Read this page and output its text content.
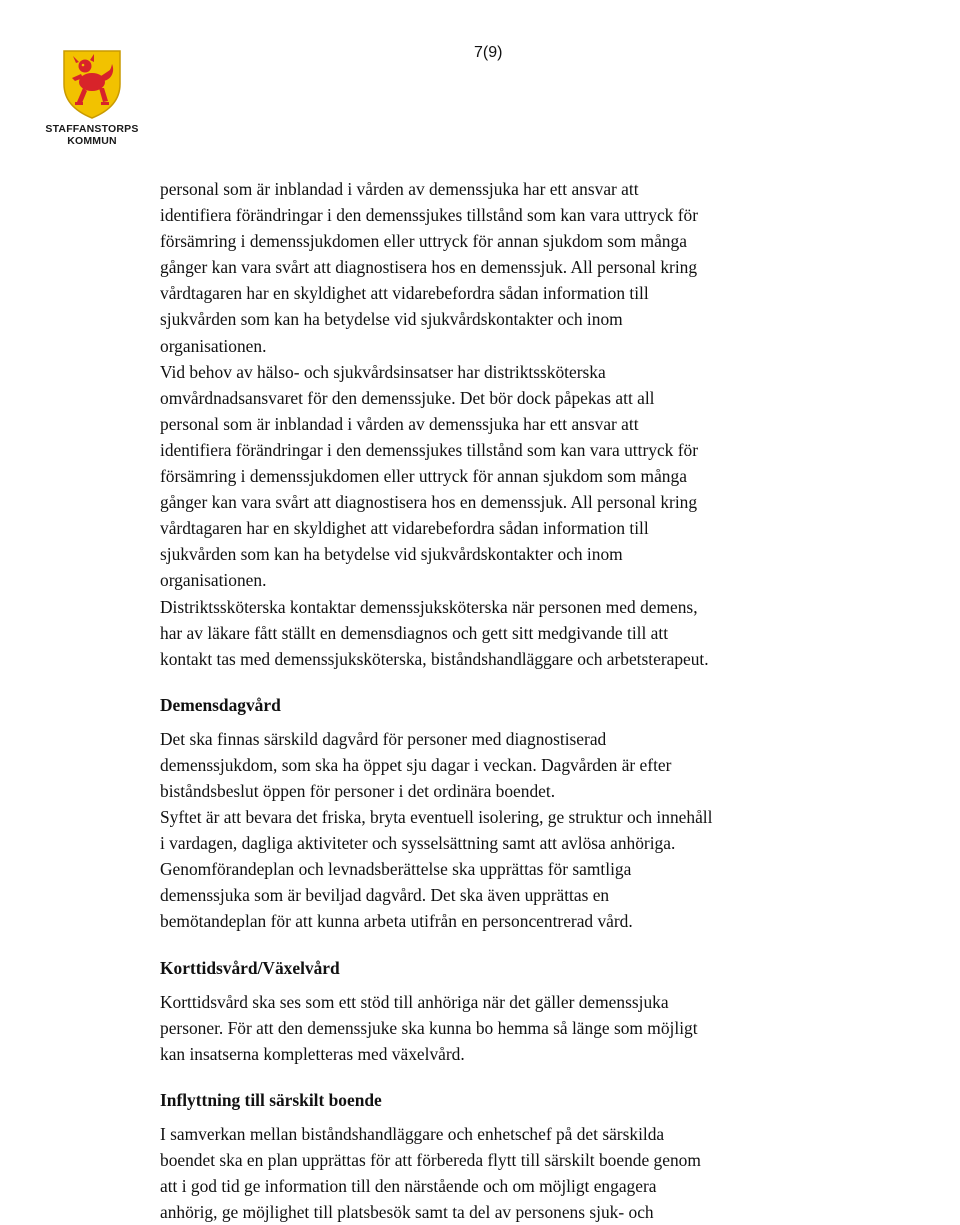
7(9)
STAFFANSTORPS
KOMMUN
personal som är inblandad i vården av demenssjuka har ett ansvar att
identifiera förändringar i den demenssjukes tillstånd som kan vara uttryck för
försämring i demenssjukdomen eller uttryck för annan sjukdom som många
gånger kan vara svårt att diagnostisera hos en demenssjuk. All personal kring
vårdtagaren har en skyldighet att vidarebefordra sådan information till
sjukvården som kan ha betydelse vid sjukvårdskontakter och inom
organisationen.
Vid behov av hälso- och sjukvårdsinsatser har distriktssköterska
omvårdnadsansvaret för den demenssjuke. Det bör dock påpekas att all
personal som är inblandad i vården av demenssjuka har ett ansvar att
identifiera förändringar i den demenssjukes tillstånd som kan vara uttryck för
försämring i demenssjukdomen eller uttryck för annan sjukdom som många
gånger kan vara svårt att diagnostisera hos en demenssjuk. All personal kring
vårdtagaren har en skyldighet att vidarebefordra sådan information till
sjukvården som kan ha betydelse vid sjukvårdskontakter och inom
organisationen.
Distriktssköterska kontaktar demenssjuksköterska när personen med demens,
har av läkare fått ställt en demensdiagnos och gett sitt medgivande till att
kontakt tas med demenssjuksköterska, biståndshandläggare och arbetsterapeut.
Demensdagvård
Det ska finnas särskild dagvård för personer med diagnostiserad
demenssjukdom, som ska ha öppet sju dagar i veckan. Dagvården är efter
biståndsbeslut öppen för personer i det ordinära boendet.
Syftet är att bevara det friska, bryta eventuell isolering, ge struktur och innehåll
i vardagen, dagliga aktiviteter och sysselsättning samt att avlösa anhöriga.
Genomförandeplan och levnadsberättelse ska upprättas för samtliga
demenssjuka som är beviljad dagvård. Det ska även upprättas en
bemötandeplan för att kunna arbeta utifrån en personcentrerad vård.
Korttidsvård/Växelvård
Korttidsvård ska ses som ett stöd till anhöriga när det gäller demenssjuka
personer. För att den demenssjuke ska kunna bo hemma så länge som möjligt
kan insatserna kompletteras med växelvård.
Inflyttning till särskilt boende
I samverkan mellan biståndshandläggare och enhetschef på det särskilda
boendet ska en plan upprättas för att förbereda flytt till särskilt boende genom
att i god tid ge information till den närstående och om möjligt engagera
anhörig, ge möjlighet till platsbesök samt ta del av personens sjuk- och
